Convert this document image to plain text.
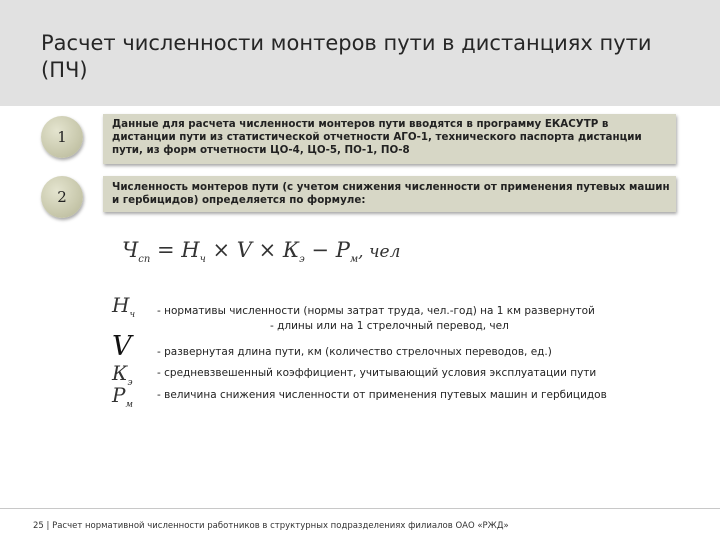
Расчет численности монтеров пути в дистанциях пути (ПЧ)
1
Данные для расчета численности монтеров пути вводятся в программу ЕКАСУТР в дистанции пути из статистической отчетности АГО-1, технического паспорта дистанции пути, из форм отчетности ЦО-4, ЦО-5, ПО-1, ПО-8
2
Численность монтеров пути (с учетом снижения численности от применения путевых машин и гербицидов) определяется по формуле:
$Ч_{сп} = Н_ч \times V \times К_э - Р_м$, чел
$Н_ч$ - нормативы численности (нормы затрат труда, чел.-год) на 1 км развернутой
- длины или на 1 стрелочный перевод, чел
V - развернутая длина пути, км (количество стрелочных переводов, ед.)
$К_э$
- средневзвешенный коэффициент, учитывающий условия эксплуатации пути
$Р_м$
- величина снижения численности от применения путевых машин и гербицидов
25 | Расчет нормативной численности работников в структурных подразделениях филиалов ОАО «РЖД»
